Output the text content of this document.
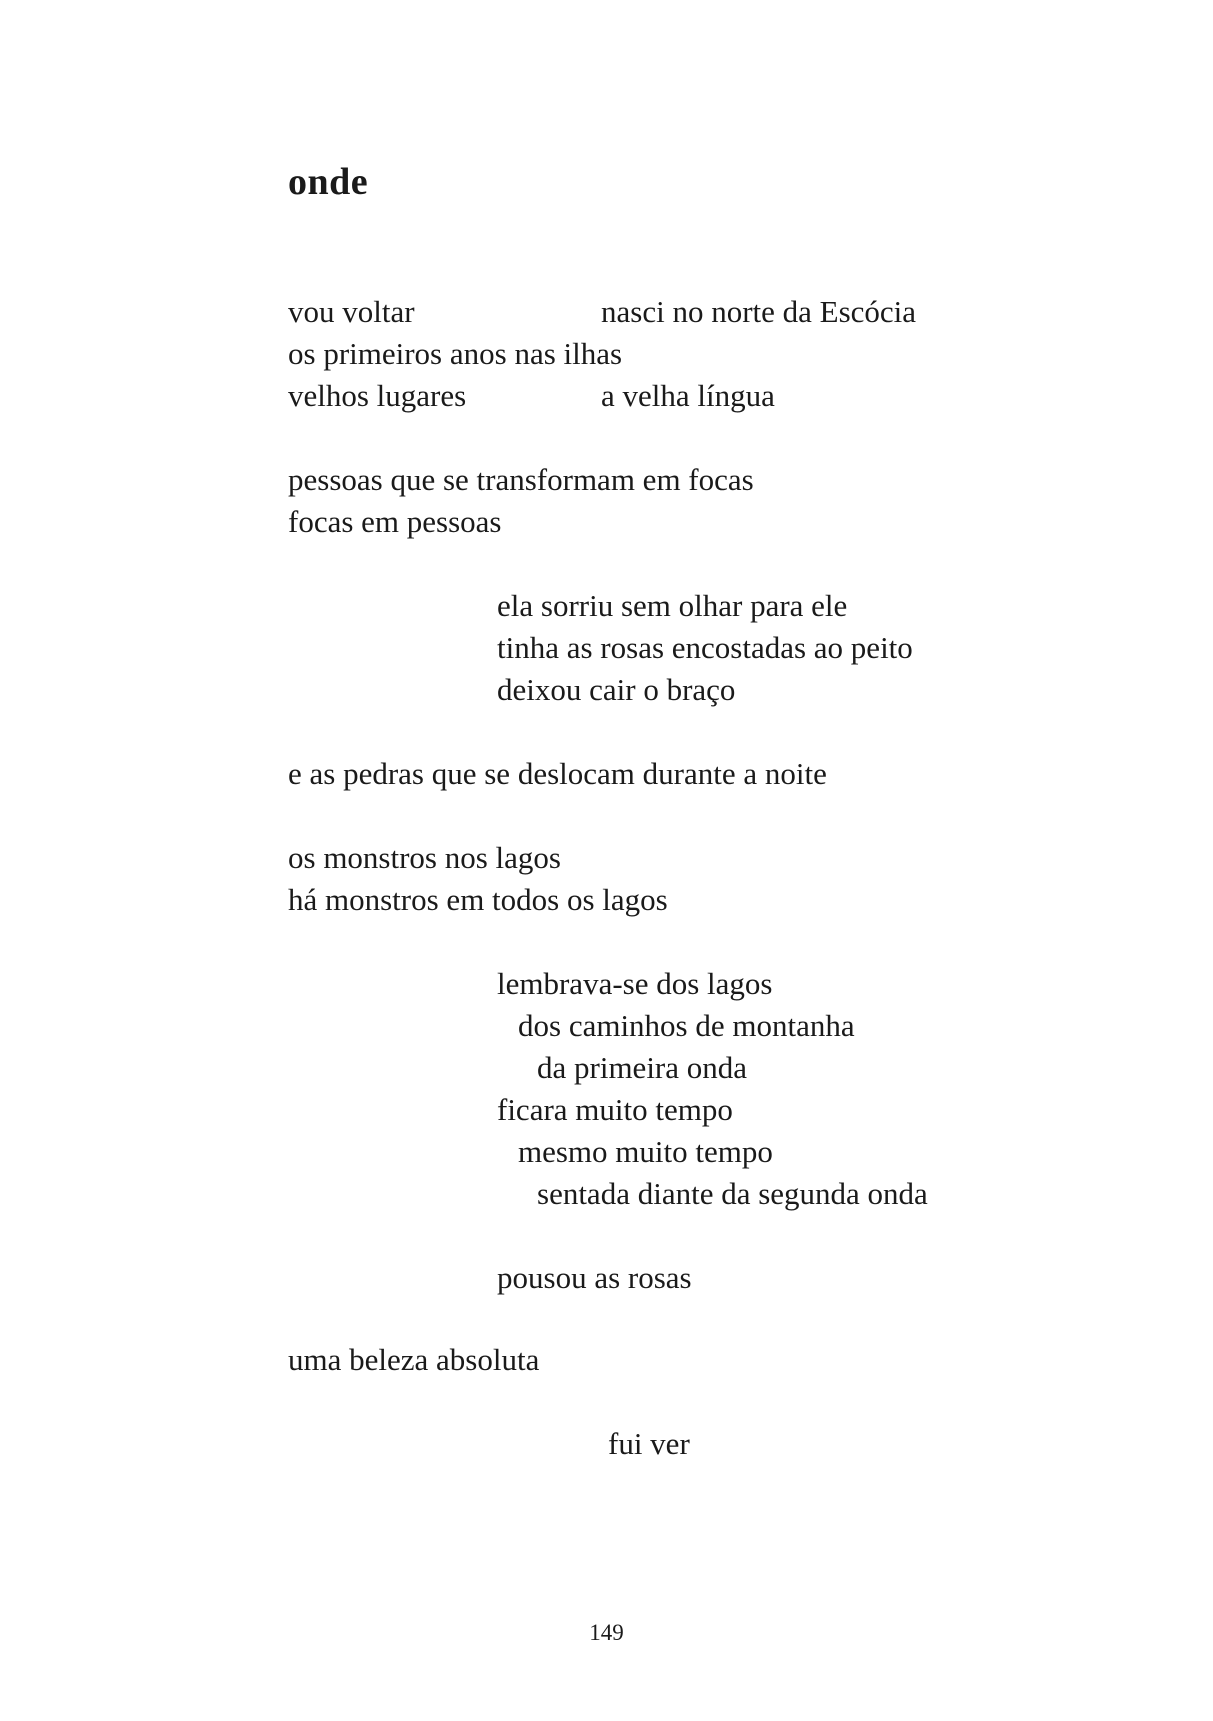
onde

vou voltar	nasci no norte da Escócia

os primeiros anos nas ilhas

velhos lugares	a velha língua

pessoas que se transformam em focas

focas em pessoas

ela sorriu sem olhar para ele

tinha as rosas encostadas ao peito

deixou cair o braço

e as pedras que se deslocam durante a noite

os monstros nos lagos

há monstros em todos os lagos

lembrava-se dos lagos

dos caminhos de montanha

da primeira onda

ficara muito tempo

mesmo muito tempo

sentada diante da segunda onda

pousou as rosas

uma beleza absoluta

fui ver

149
